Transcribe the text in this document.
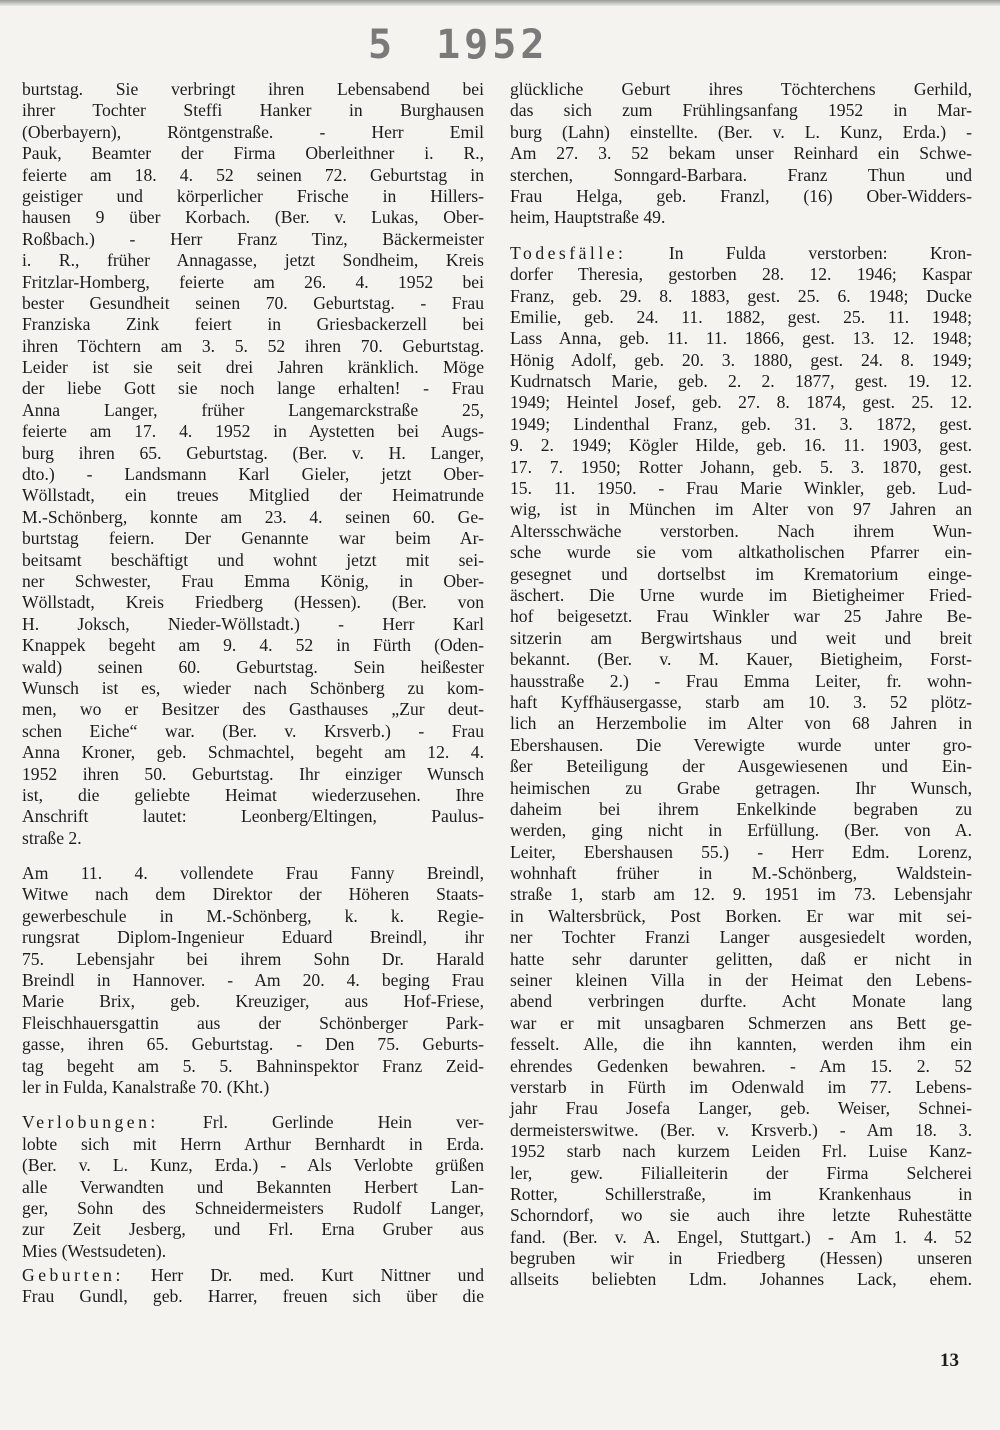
5 1952
burtstag. Sie verbringt ihren Lebensabend bei
ihrer Tochter Steffi Hanker in Burghausen
(Oberbayern), Röntgenstraße. - Herr Emil
Pauk, Beamter der Firma Oberleithner i. R.,
feierte am 18. 4. 52 seinen 72. Geburtstag in
geistiger und körperlicher Frische in Hillers-
hausen 9 über Korbach. (Ber. v. Lukas, Ober-
Roßbach.) - Herr Franz Tinz, Bäckermeister
i. R., früher Annagasse, jetzt Sondheim, Kreis
Fritzlar-Homberg, feierte am 26. 4. 1952 bei
bester Gesundheit seinen 70. Geburtstag. - Frau
Franziska Zink feiert in Griesbackerzell bei
ihren Töchtern am 3. 5. 52 ihren 70. Geburtstag.
Leider ist sie seit drei Jahren kränklich. Möge
der liebe Gott sie noch lange erhalten! - Frau
Anna Langer, früher Langemarckstraße 25,
feierte am 17. 4. 1952 in Aystetten bei Augs-
burg ihren 65. Geburtstag. (Ber. v. H. Langer,
dto.) - Landsmann Karl Gieler, jetzt Ober-
Wöllstadt, ein treues Mitglied der Heimatrunde
M.-Schönberg, konnte am 23. 4. seinen 60. Ge-
burtstag feiern. Der Genannte war beim Ar-
beitsamt beschäftigt und wohnt jetzt mit sei-
ner Schwester, Frau Emma König, in Ober-
Wöllstadt, Kreis Friedberg (Hessen). (Ber. von
H. Joksch, Nieder-Wöllstadt.) - Herr Karl
Knappek begeht am 9. 4. 52 in Fürth (Oden-
wald) seinen 60. Geburtstag. Sein heißester
Wunsch ist es, wieder nach Schönberg zu kom-
men, wo er Besitzer des Gasthauses „Zur deut-
schen Eiche“ war. (Ber. v. Krsverb.) - Frau
Anna Kroner, geb. Schmachtel, begeht am 12. 4.
1952 ihren 50. Geburtstag. Ihr einziger Wunsch
ist, die geliebte Heimat wiederzusehen. Ihre
Anschrift lautet: Leonberg/Eltingen, Paulus-
straße 2.
Am 11. 4. vollendete Frau Fanny Breindl,
Witwe nach dem Direktor der Höheren Staats-
gewerbeschule in M.-Schönberg, k. k. Regie-
rungsrat Diplom-Ingenieur Eduard Breindl, ihr
75. Lebensjahr bei ihrem Sohn Dr. Harald
Breindl in Hannover. - Am 20. 4. beging Frau
Marie Brix, geb. Kreuziger, aus Hof-Friese,
Fleischhauersgattin aus der Schönberger Park-
gasse, ihren 65. Geburtstag. - Den 75. Geburts-
tag begeht am 5. 5. Bahninspektor Franz Zeid-
ler in Fulda, Kanalstraße 70. (Kht.)
Verlobungen: Frl. Gerlinde Hein ver-
lobte sich mit Herrn Arthur Bernhardt in Erda.
(Ber. v. L. Kunz, Erda.) - Als Verlobte grüßen
alle Verwandten und Bekannten Herbert Lan-
ger, Sohn des Schneidermeisters Rudolf Langer,
zur Zeit Jesberg, und Frl. Erna Gruber aus
Mies (Westsudeten).
Geburten: Herr Dr. med. Kurt Nittner und
Frau Gundl, geb. Harrer, freuen sich über die
glückliche Geburt ihres Töchterchens Gerhild,
das sich zum Frühlingsanfang 1952 in Mar-
burg (Lahn) einstellte. (Ber. v. L. Kunz, Erda.) -
Am 27. 3. 52 bekam unser Reinhard ein Schwe-
sterchen, Sonngard-Barbara. Franz Thun und
Frau Helga, geb. Franzl, (16) Ober-Widders-
heim, Hauptstraße 49.
Todesfälle: In Fulda verstorben: Kron-
dorfer Theresia, gestorben 28. 12. 1946; Kaspar
Franz, geb. 29. 8. 1883, gest. 25. 6. 1948; Ducke
Emilie, geb. 24. 11. 1882, gest. 25. 11. 1948;
Lass Anna, geb. 11. 11. 1866, gest. 13. 12. 1948;
Hönig Adolf, geb. 20. 3. 1880, gest. 24. 8. 1949;
Kudrnatsch Marie, geb. 2. 2. 1877, gest. 19. 12.
1949; Heintel Josef, geb. 27. 8. 1874, gest. 25. 12.
1949; Lindenthal Franz, geb. 31. 3. 1872, gest.
9. 2. 1949; Kögler Hilde, geb. 16. 11. 1903, gest.
17. 7. 1950; Rotter Johann, geb. 5. 3. 1870, gest.
15. 11. 1950. - Frau Marie Winkler, geb. Lud-
wig, ist in München im Alter von 97 Jahren an
Altersschwäche verstorben. Nach ihrem Wun-
sche wurde sie vom altkatholischen Pfarrer ein-
gesegnet und dortselbst im Krematorium einge-
äschert. Die Urne wurde im Bietigheimer Fried-
hof beigesetzt. Frau Winkler war 25 Jahre Be-
sitzerin am Bergwirtshaus und weit und breit
bekannt. (Ber. v. M. Kauer, Bietigheim, Forst-
hausstraße 2.) - Frau Emma Leiter, fr. wohn-
haft Kyffhäusergasse, starb am 10. 3. 52 plötz-
lich an Herzembolie im Alter von 68 Jahren in
Ebershausen. Die Verewigte wurde unter gro-
ßer Beteiligung der Ausgewiesenen und Ein-
heimischen zu Grabe getragen. Ihr Wunsch,
daheim bei ihrem Enkelkinde begraben zu
werden, ging nicht in Erfüllung. (Ber. von A.
Leiter, Ebershausen 55.) - Herr Edm. Lorenz,
wohnhaft früher in M.-Schönberg, Waldstein-
straße 1, starb am 12. 9. 1951 im 73. Lebensjahr
in Waltersbrück, Post Borken. Er war mit sei-
ner Tochter Franzi Langer ausgesiedelt worden,
hatte sehr darunter gelitten, daß er nicht in
seiner kleinen Villa in der Heimat den Lebens-
abend verbringen durfte. Acht Monate lang
war er mit unsagbaren Schmerzen ans Bett ge-
fesselt. Alle, die ihn kannten, werden ihm ein
ehrendes Gedenken bewahren. - Am 15. 2. 52
verstarb in Fürth im Odenwald im 77. Lebens-
jahr Frau Josefa Langer, geb. Weiser, Schnei-
dermeisterswitwe. (Ber. v. Krsverb.) - Am 18. 3.
1952 starb nach kurzem Leiden Frl. Luise Kanz-
ler, gew. Filialleiterin der Firma Selcherei
Rotter, Schillerstraße, im Krankenhaus in
Schorndorf, wo sie auch ihre letzte Ruhestätte
fand. (Ber. v. A. Engel, Stuttgart.) - Am 1. 4. 52
begruben wir in Friedberg (Hessen) unseren
allseits beliebten Ldm. Johannes Lack, ehem.
13
